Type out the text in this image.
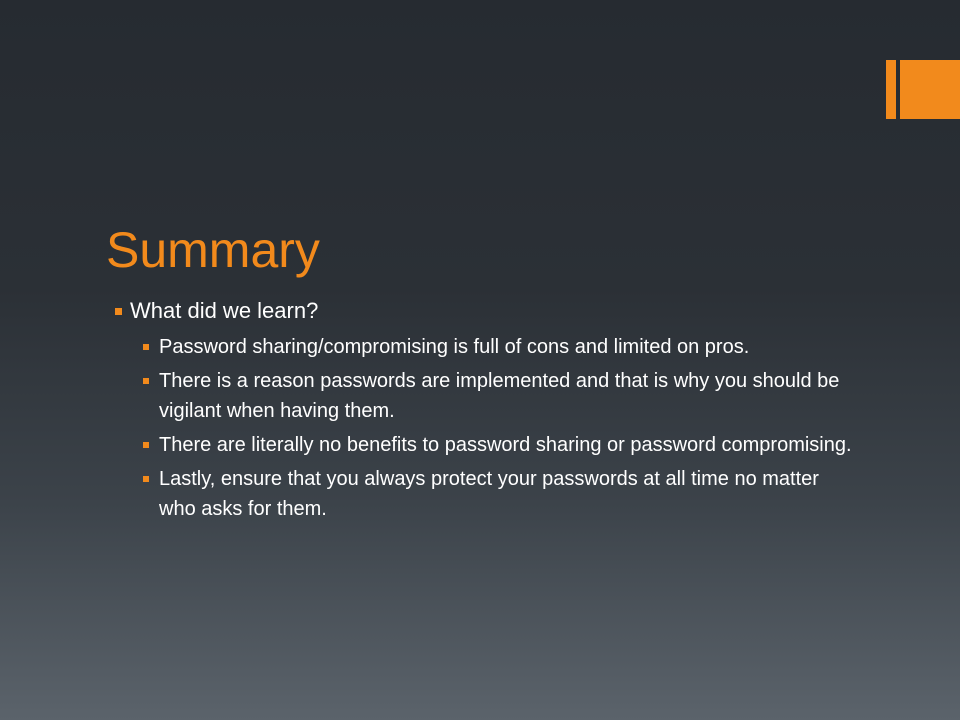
Summary
What did we learn?
Password sharing/compromising is full of cons and limited on pros.
There is a reason passwords are implemented and that is why you should be vigilant when having them.
There are literally no benefits to password sharing or password compromising.
Lastly, ensure that you always protect your passwords at all time no matter who asks for them.
